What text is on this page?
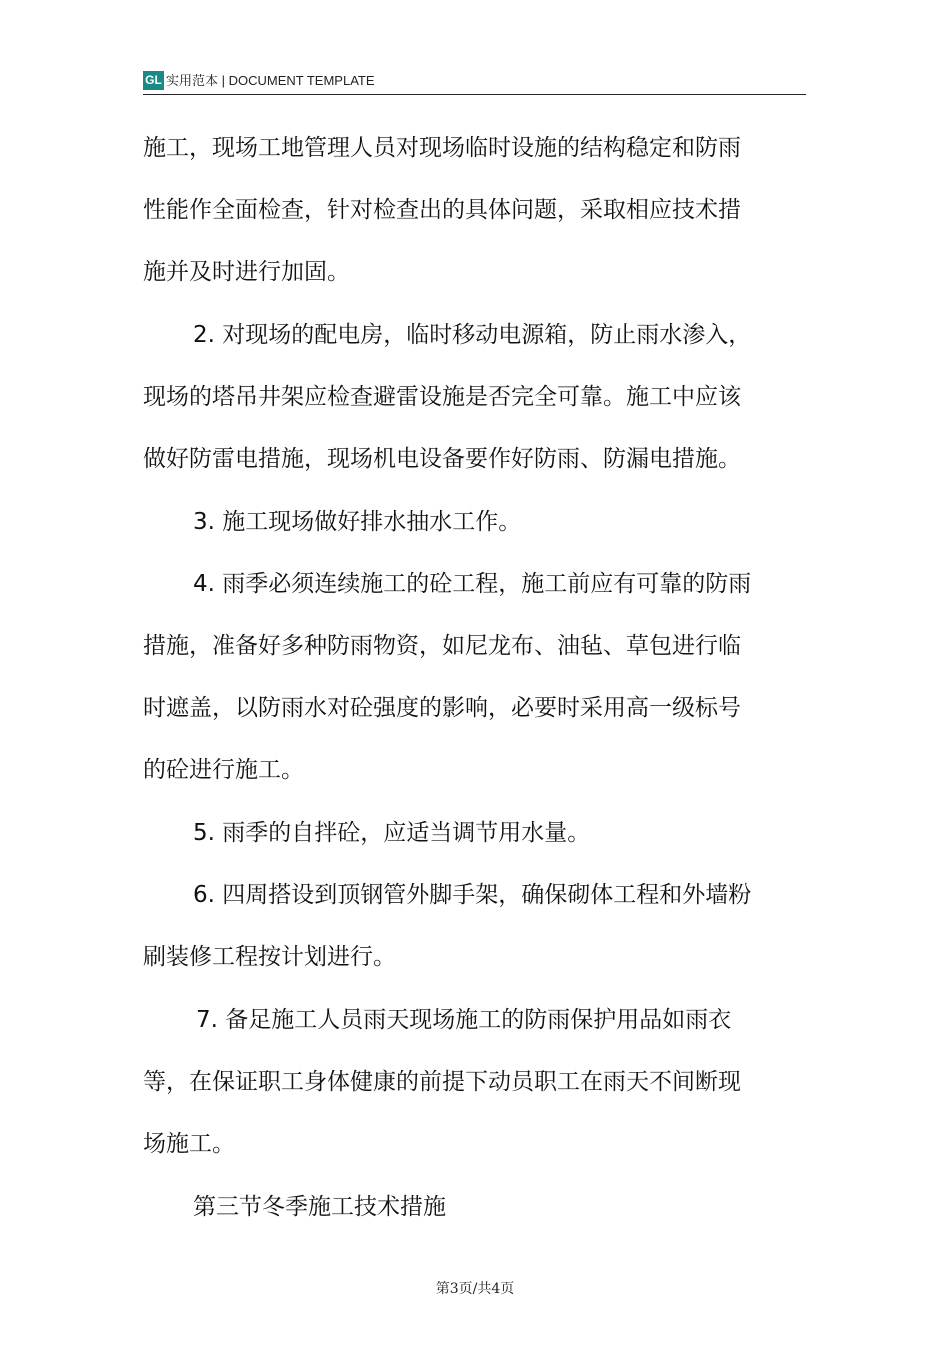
GL 实用范本 | DOCUMENT TEMPLATE
施工，现场工地管理人员对现场临时设施的结构稳定和防雨
性能作全面检查，针对检查出的具体问题，采取相应技术措
施并及时进行加固。
2. 对现场的配电房，临时移动电源箱，防止雨水渗入，
现场的塔吊井架应检查避雷设施是否完全可靠。施工中应该
做好防雷电措施，现场机电设备要作好防雨、防漏电措施。
3. 施工现场做好排水抽水工作。
4. 雨季必须连续施工的砼工程，施工前应有可靠的防雨
措施，准备好多种防雨物资，如尼龙布、油毡、草包进行临
时遮盖，以防雨水对砼强度的影响，必要时采用高一级标号
的砼进行施工。
5. 雨季的自拌砼，应适当调节用水量。
6. 四周搭设到顶钢管外脚手架，确保砌体工程和外墙粉
刷装修工程按计划进行。
7. 备足施工人员雨天现场施工的防雨保护用品如雨衣
等，在保证职工身体健康的前提下动员职工在雨天不间断现
场施工。
第三节冬季施工技术措施
第3页/共4页
